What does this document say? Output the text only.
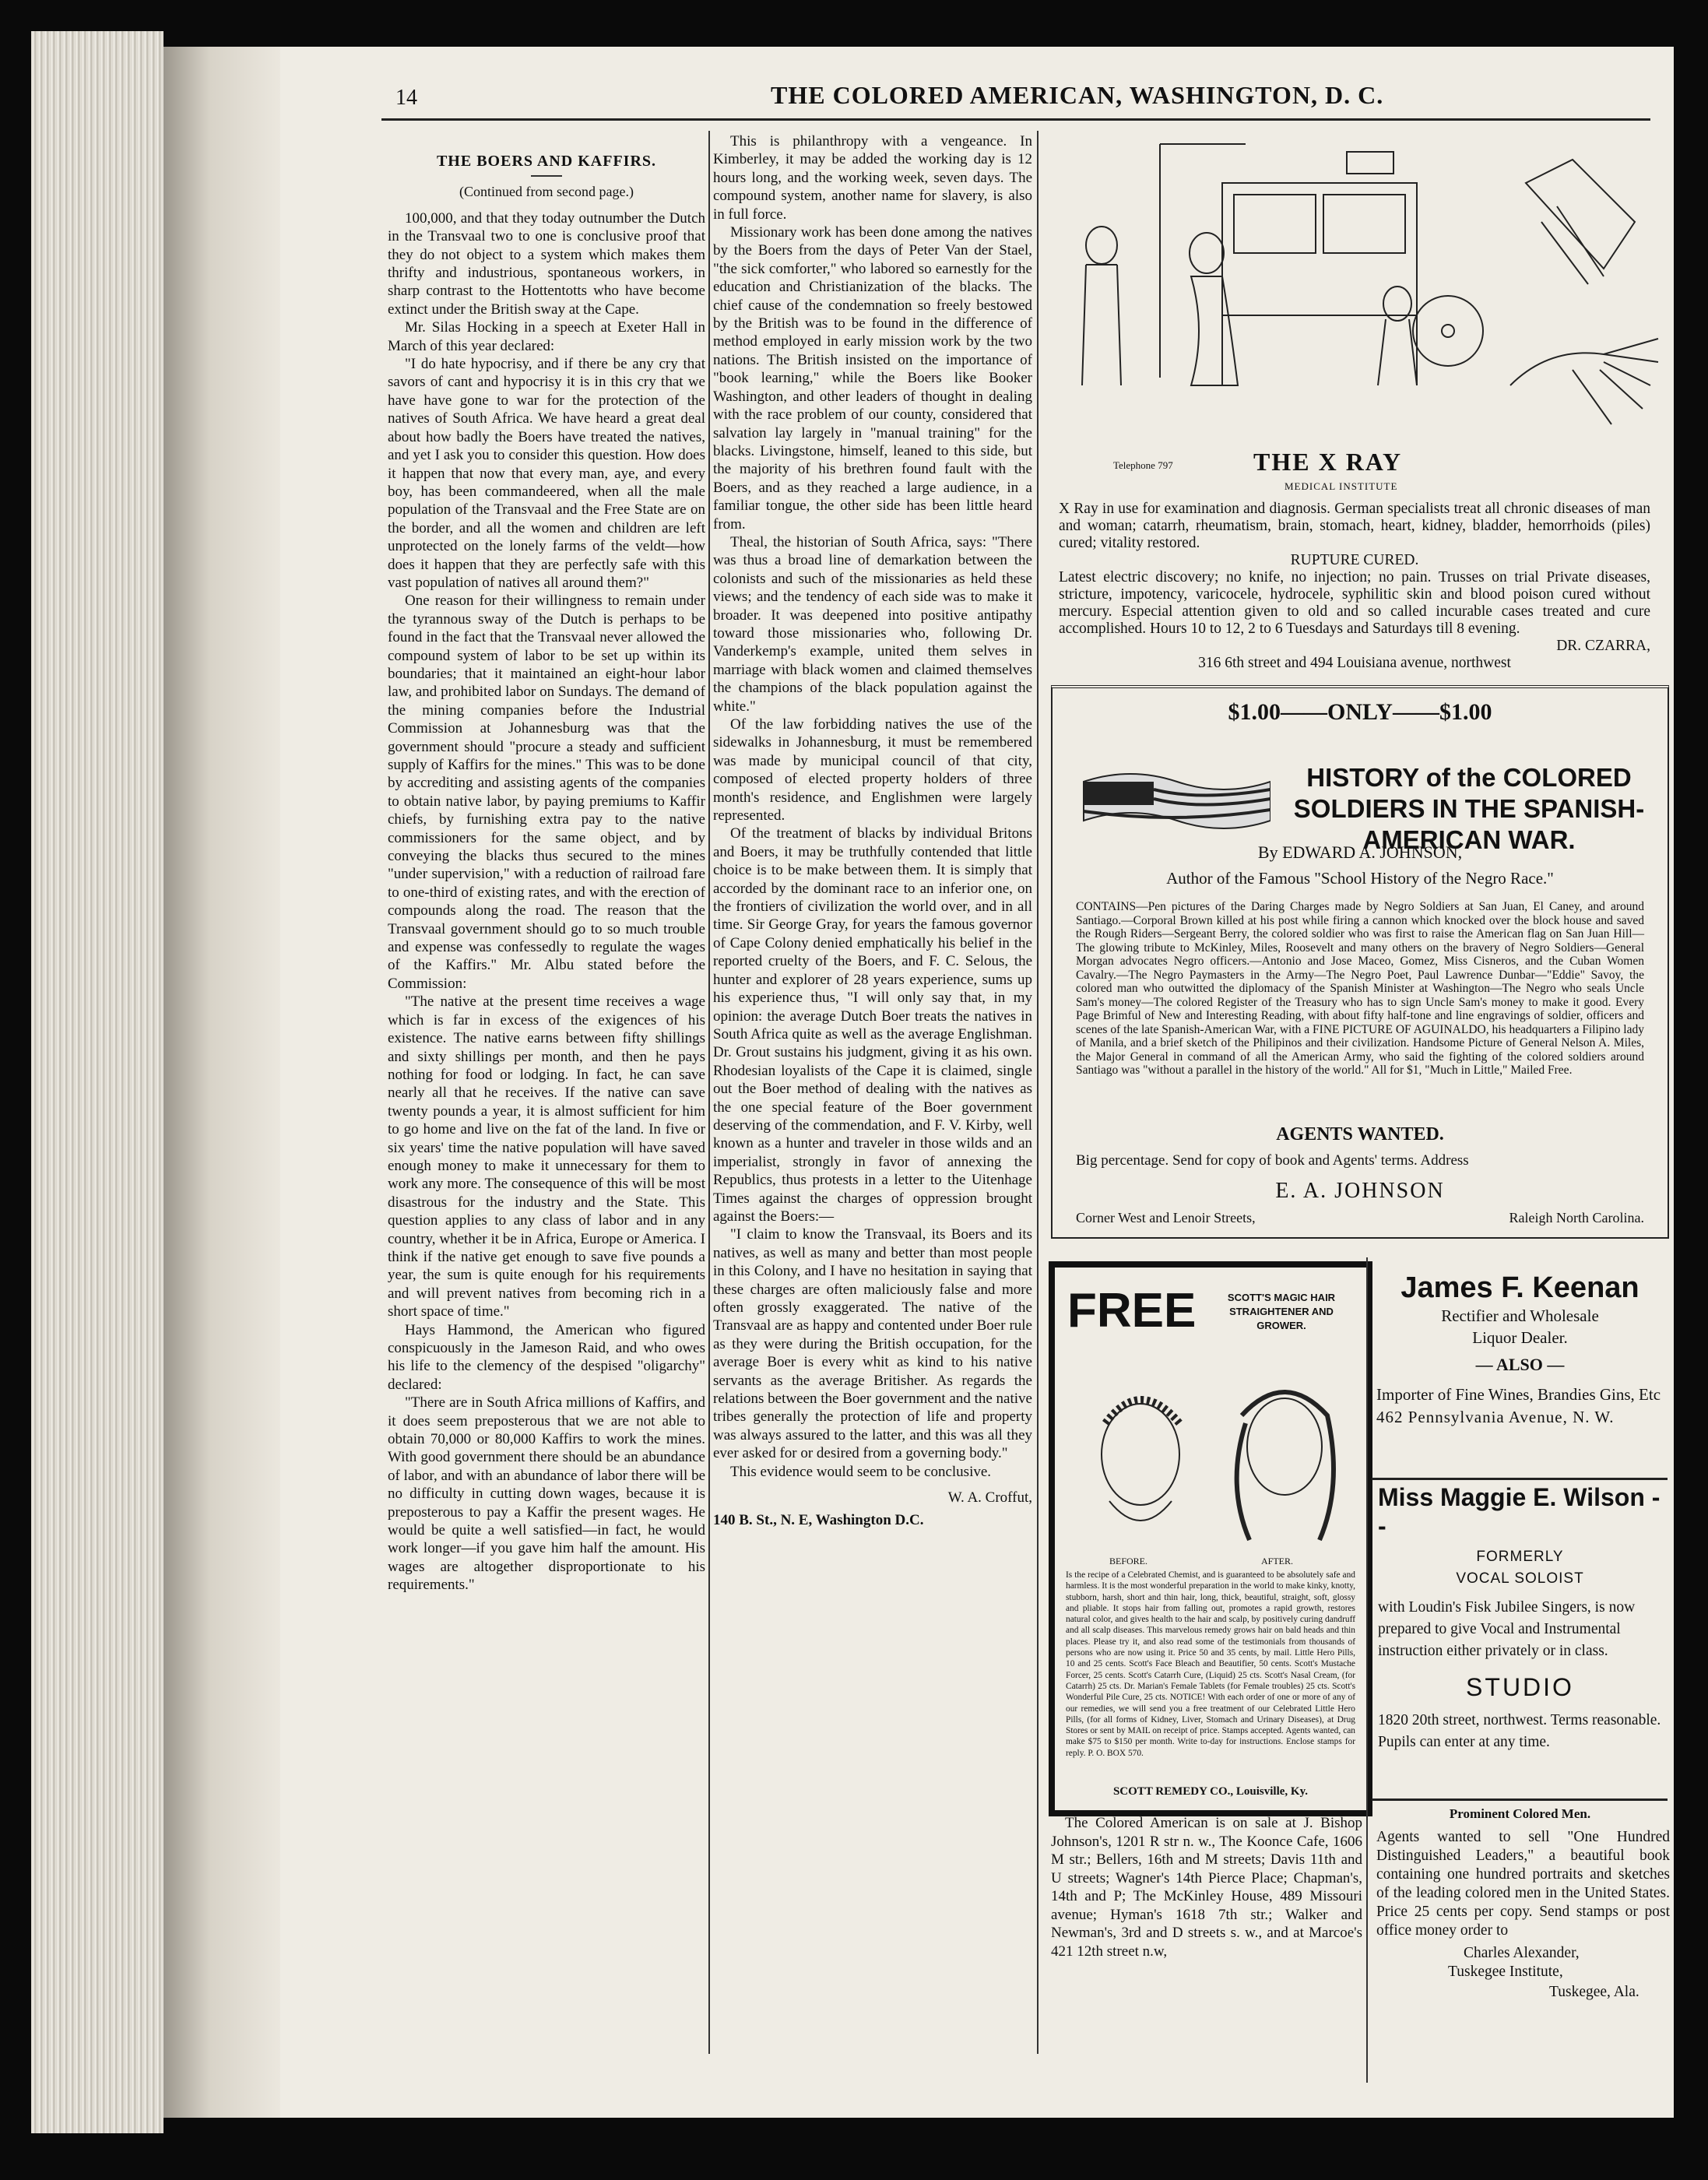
14	THE COLORED AMERICAN, WASHINGTON, D. C.
THE BOERS AND KAFFIRS.
(Continued from second page.)

100,000, and that they today outnumber the Dutch in the Transvaal two to one is conclusive proof that they do not object to a system which makes them thrifty and industrious, spontaneous workers, in sharp contrast to the Hottentotts who have become extinct under the British sway at the Cape.

Mr. Silas Hocking in a speech at Exeter Hall in March of this year declared:

"I do hate hypocrisy, and if there be any cry that savors of cant and hypocrisy it is in this cry that we have have gone to war for the protection of the natives of South Africa. We have heard a great deal about how badly the Boers have treated the natives, and yet I ask you to consider this question. How does it happen that now that every man, aye, and every boy, has been commandeered, when all the male population of the Transvaal and the Free State are on the border, and all the women and children are left unprotected on the lonely farms of the veldt—how does it happen that they are perfectly safe with this vast population of natives all around them?"

One reason for their willingness to remain under the tyrannous sway of the Dutch is perhaps to be found in the fact that the Transvaal never allowed the compound system of labor to be set up within its boundaries; that it maintained an eight-hour labor law, and prohibited labor on Sundays. The demand of the mining companies before the Industrial Commission at Johannesburg was that the government should "procure a steady and sufficient supply of Kaffirs for the mines." This was to be done by accrediting and assisting agents of the companies to obtain native labor, by paying premiums to Kaffir chiefs, by furnishing extra pay to the native commissioners for the same object, and by conveying the blacks thus secured to the mines "under supervision," with a reduction of railroad fare to one-third of existing rates, and with the erection of compounds along the road. The reason that the Transvaal government should go to so much trouble and expense was confessedly to regulate the wages of the Kaffirs." Mr. Albu stated before the Commission:

"The native at the present time receives a wage which is far in excess of the exigences of his existence. The native earns between fifty shillings and sixty shillings per month, and then he pays nothing for food or lodging. In fact, he can save nearly all that he receives. If the native can save twenty pounds a year, it is almost sufficient for him to go home and live on the fat of the land. In five or six years' time the native population will have saved enough money to make it unnecessary for them to work any more. The consequence of this will be most disastrous for the industry and the State. This question applies to any class of labor and in any country, whether it be in Africa, Europe or America. I think if the native get enough to save five pounds a year, the sum is quite enough for his requirements and will prevent natives from becoming rich in a short space of time."

Hays Hammond, the American who figured conspicuously in the Jameson Raid, and who owes his life to the clemency of the despised "oligarchy" declared:

"There are in South Africa millions of Kaffirs, and it does seem preposterous that we are not able to obtain 70,000 or 80,000 Kaffirs to work the mines. With good government there should be an abundance of labor, and with an abundance of labor there will be no difficulty in cutting down wages, because it is preposterous to pay a Kaffir the present wages. He would be quite a well satisfied—in fact, he would work longer—if you gave him half the amount. His wages are altogether disproportionate to his requirements."

This is philanthropy with a vengeance. In Kimberley, it may be added the working day is 12 hours long, and the working week, seven days. The compound system, another name for slavery, is also in full force.

Missionary work has been done among the natives by the Boers from the days of Peter Van der Stael, "the sick comforter," who labored so earnestly for the education and Christianization of the blacks. The chief cause of the condemnation so freely bestowed by the British was to be found in the difference of method employed in early mission work by the two nations. The British insisted on the importance of "book learning," while the Boers like Booker Washington, and other leaders of thought in dealing with the race problem of our county, considered that salvation lay largely in "manual training" for the blacks. Livingstone, himself, leaned to this side, but the majority of his brethren found fault with the Boers, and as they reached a large audience, in a familiar tongue, the other side has been little heard from.

Theal, the historian of South Africa, says: "There was thus a broad line of demarkation between the colonists and such of the missionaries as held these views; and the tendency of each side was to make it broader. It was deepened into positive antipathy toward those missionaries who, following Dr. Vanderkemp's example, united them selves in marriage with black women and claimed themselves the champions of the black population against the white."

Of the law forbidding natives the use of the sidewalks in Johannesburg, it must be remembered was made by municipal council of that city, composed of elected property holders of three month's residence, and Englishmen were largely represented.

Of the treatment of blacks by individual Britons and Boers, it may be truthfully contended that little choice is to be make between them. It is simply that accorded by the dominant race to an inferior one, on the frontiers of civilization the world over, and in all time. Sir George Gray, for years the famous governor of Cape Colony denied emphatically his belief in the reported cruelty of the Boers, and F. C. Selous, the hunter and explorer of 28 years experience, sums up his experience thus, "I will only say that, in my opinion: the average Dutch Boer treats the natives in South Africa quite as well as the average Englishman. Dr. Grout sustains his judgment, giving it as his own. Rhodesian loyalists of the Cape it is claimed, single out the Boer method of dealing with the natives as the one special feature of the Boer government deserving of the commendation, and F. V. Kirby, well known as a hunter and traveler in those wilds and an imperialist, strongly in favor of annexing the Republics, thus protests in a letter to the Uitenhage Times against the charges of oppression brought against the Boers:—

"I claim to know the Transvaal, its Boers and its natives, as well as many and better than most people in this Colony, and I have no hesitation in saying that these charges are often maliciously false and more often grossly exaggerated. The native of the Transvaal are as happy and contented under Boer rule as they were during the British occupation, for the average Boer is every whit as kind to his native servants as the average Britisher. As regards the relations between the Boer government and the native tribes generally the protection of life and property was always assured to the latter, and this was all they ever asked for or desired from a governing body."

This evidence would seem to be conclusive.

W. A. Croffut,
140 B. St., N. E, Washington D.C.
Telephone 797	THE X RAY
MEDICAL INSTITUTE
X Ray in use for examination and diagnosis. German specialists treat all chronic diseases of man and woman; catarrh, rheumatism, brain, stomach, heart, kidney, bladder, hemorrhoids (piles) cured; vitality restored.
RUPTURE CURED.
Latest electric discovery; no knife, no injection; no pain. Trusses on trial Private diseases, stricture, impotency, varicocele, hydrocele, syphilitic skin and blood poison cured without mercury. Especial attention given to old and so called incurable cases treated and cure accomplished. Hours 10 to 12, 2 to 6 Tuesdays and Saturdays till 8 evening.
DR. CZARRA,
316 6th street and 494 Louisiana avenue, northwest
$1.00——ONLY——$1.00
HISTORY of the COLORED SOLDIERS IN THE SPANISH-AMERICAN WAR.
By EDWARD A. JOHNSON,
Author of the Famous "School History of the Negro Race."
CONTAINS—Pen pictures of the Daring Charges made by Negro Soldiers at San Juan, El Caney, and around Santiago.—Corporal Brown killed at his post while firing a cannon which knocked over the block house and saved the Rough Riders—Sergeant Berry, the colored soldier who was first to raise the American flag on San Juan Hill—The glowing tribute to McKinley, Miles, Roosevelt and many others on the bravery of Negro Soldiers—General Morgan advocates Negro officers.—Antonio and Jose Maceo, Gomez, Miss Cisneros, and the Cuban Women Cavalry.—The Negro Paymasters in the Army—The Negro Poet, Paul Lawrence Dunbar—"Eddie" Savoy, the colored man who outwitted the diplomacy of the Spanish Minister at Washington—The Negro who seals Uncle Sam's money—The colored Register of the Treasury who has to sign Uncle Sam's money to make it good. Every Page Brimful of New and Interesting Reading, with about fifty half-tone and line engravings of soldier, officers and scenes of the late Spanish-American War, with a FINE PICTURE OF AGUINALDO, his headquarters a Filipino lady of Manila, and a brief sketch of the Philipinos and their civilization. Handsome Picture of General Nelson A. Miles, the Major General in command of all the American Army, who said the fighting of the colored soldiers around Santiago was "without a parallel in the history of the world." All for $1, "Much in Little," Mailed Free.
AGENTS WANTED.
Big percentage. Send for copy of book and Agents' terms. Address
E. A. JOHNSON
Corner West and Lenoir Streets,	Raleigh North Carolina.
FREE	SCOTT'S MAGIC HAIR STRAIGHTENER AND GROWER.
BEFORE.	AFTER.
Is the recipe of a Celebrated Chemist, and is guaranteed to be absolutely safe and harmless. It is the most wonderful preparation in the world to make kinky, knotty, stubborn, harsh, short and thin hair, long, thick, beautiful, straight, soft, glossy and pliable. It stops hair from falling out, promotes a rapid growth, restores natural color, and gives health to the hair and scalp, by positively curing dandruff and all scalp diseases. This marvelous remedy grows hair on bald heads and thin places. Please try it, and also read some of the testimonials from thousands of persons who are now using it. Price 50 and 35 cents, by mail. Little Hero Pills, 10 and 25 cents. Scott's Face Bleach and Beautifier, 50 cents. Scott's Mustache Forcer, 25 cents. Scott's Catarrh Cure, (Liquid) 25 cts. Scott's Nasal Cream, (for Catarrh) 25 cts. Dr. Marian's Female Tablets (for Female troubles) 25 cts. Scott's Wonderful Pile Cure, 25 cts. NOTICE! With each order of one or more of any of our remedies, we will send you a free treatment of our Celebrated Little Hero Pills, (for all forms of Kidney, Liver, Stomach and Urinary Diseases), at Drug Stores or sent by MAIL on receipt of price. Stamps accepted. Agents wanted, can make $75 to $150 per month. Write to-day for instructions. Enclose stamps for reply. P. O. BOX 570.
SCOTT REMEDY CO., Louisville, Ky.

The Colored American is on sale at J. Bishop Johnson's, 1201 R str n. w., The Koonce Cafe, 1606 M str.; Bellers, 16th and M streets; Davis 11th and U streets; Wagner's 14th Pierce Place; Chapman's, 14th and P; The McKinley House, 489 Missouri avenue; Hyman's 1618 7th str.; Walker and Newman's, 3rd and D streets s. w., and at Marcoe's 421 12th street n.w,

James F. Keenan
Rectifier and Wholesale
Liquor Dealer.
— ALSO —
Importer of Fine Wines, Brandies Gins, Etc
462 Pennsylvania Avenue, N. W.
Miss Maggie E. Wilson - -
FORMERLY
VOCAL SOLOIST
with Loudin's Fisk Jubilee Singers, is now prepared to give Vocal and Instrumental instruction either privately or in class.
STUDIO
1820 20th street, northwest. Terms reasonable. Pupils can enter at any time.
Prominent Colored Men.
Agents wanted to sell "One Hundred Distinguished Leaders," a beautiful book containing one hundred portraits and sketches of the leading colored men in the United States. Price 25 cents per copy. Send stamps or post office money order to
Charles Alexander,
Tuskegee Institute,
Tuskegee, Ala.
